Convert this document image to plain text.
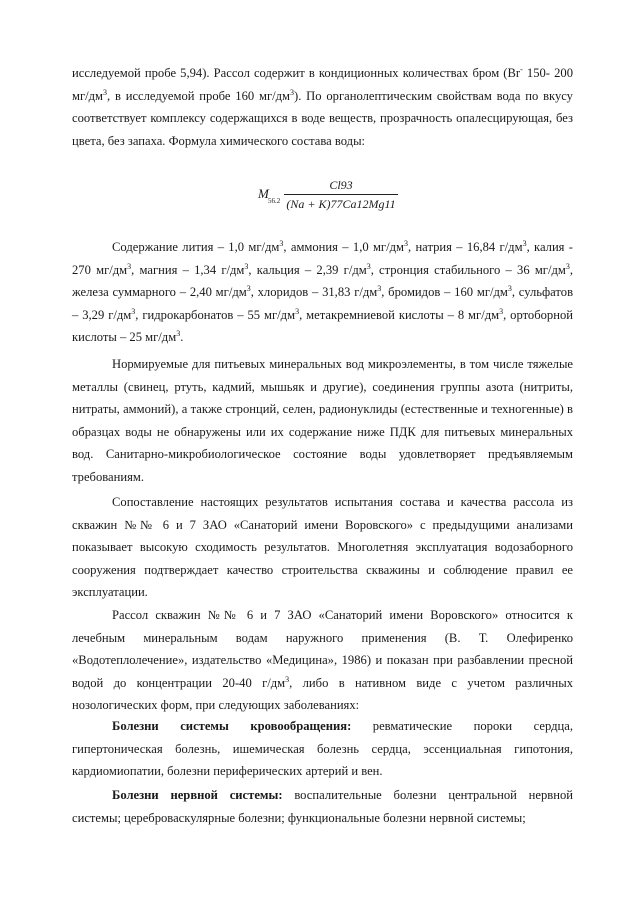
исследуемой пробе 5,94). Рассол содержит в кондиционных количествах бром (Br- 150- 200 $мг/дм^3$, в исследуемой пробе 160 $мг/дм^3$). По органолептическим свойствам вода по вкусу соответствует комплексу содержащихся в воде веществ, прозрачность опалесцирующая, без цвета, без запаха. Формула химического состава воды:

M 56.2
Cl93
(Na + K)77Ca12Mg11

Содержание лития – 1,0 $мг/дм^3$, аммония – 1,0 $мг/дм^3$, натрия – 16,84 $г/дм^3$, калия - 270 $мг/дм^3$, магния – 1,34 $г/дм^3$, кальция – 2,39 $г/дм^3$, стронция стабильного – 36 $мг/дм^3$, железа суммарного – 2,40 $мг/дм^3$, хлоридов – 31,83 $г/дм^3$, бромидов – 160 $мг/дм^3$, сульфатов – 3,29 $г/дм^3$, гидрокарбонатов – 55 $мг/дм^3$, метакремниевой кислоты – 8 $мг/дм^3$, ортоборной кислоты – 25 $мг/дм^3$.

Нормируемые для питьевых минеральных вод микроэлементы, в том числе тяжелые металлы (свинец, ртуть, кадмий, мышьяк и другие), соединения группы азота (нитриты, нитраты, аммоний), а также стронций, селен, радионуклиды (естественные и техногенные) в образцах воды не обнаружены или их содержание ниже ПДК для питьевых минеральных вод. Санитарно-микробиологическое состояние воды удовлетворяет предъявляемым требованиям.

Сопоставление настоящих результатов испытания состава и качества рассола из скважин №№ 6 и 7 ЗАО «Санаторий имени Воровского» с предыдущими анализами показывает высокую сходимость результатов. Многолетняя эксплуатация водозаборного сооружения подтверждает качество строительства скважины и соблюдение правил ее эксплуатации.

Рассол скважин №№ 6 и 7 ЗАО «Санаторий имени Воровского» относится к лечебным минеральным водам наружного применения (В. Т. Олефиренко «Водотеплолечение», издательство «Медицина», 1986) и показан при разбавлении пресной водой до концентрации 20-40 $г/дм^3$, либо в нативном виде с учетом различных нозологических форм, при следующих заболеваниях:

Болезни системы кровообращения: ревматические пороки сердца, гипертоническая болезнь, ишемическая болезнь сердца, эссенциальная гипотония, кардиомиопатии, болезни периферических артерий и вен.

Болезни нервной системы: воспалительные болезни центральной нервной системы; цереброваскулярные болезни; функциональные болезни нервной системы;
